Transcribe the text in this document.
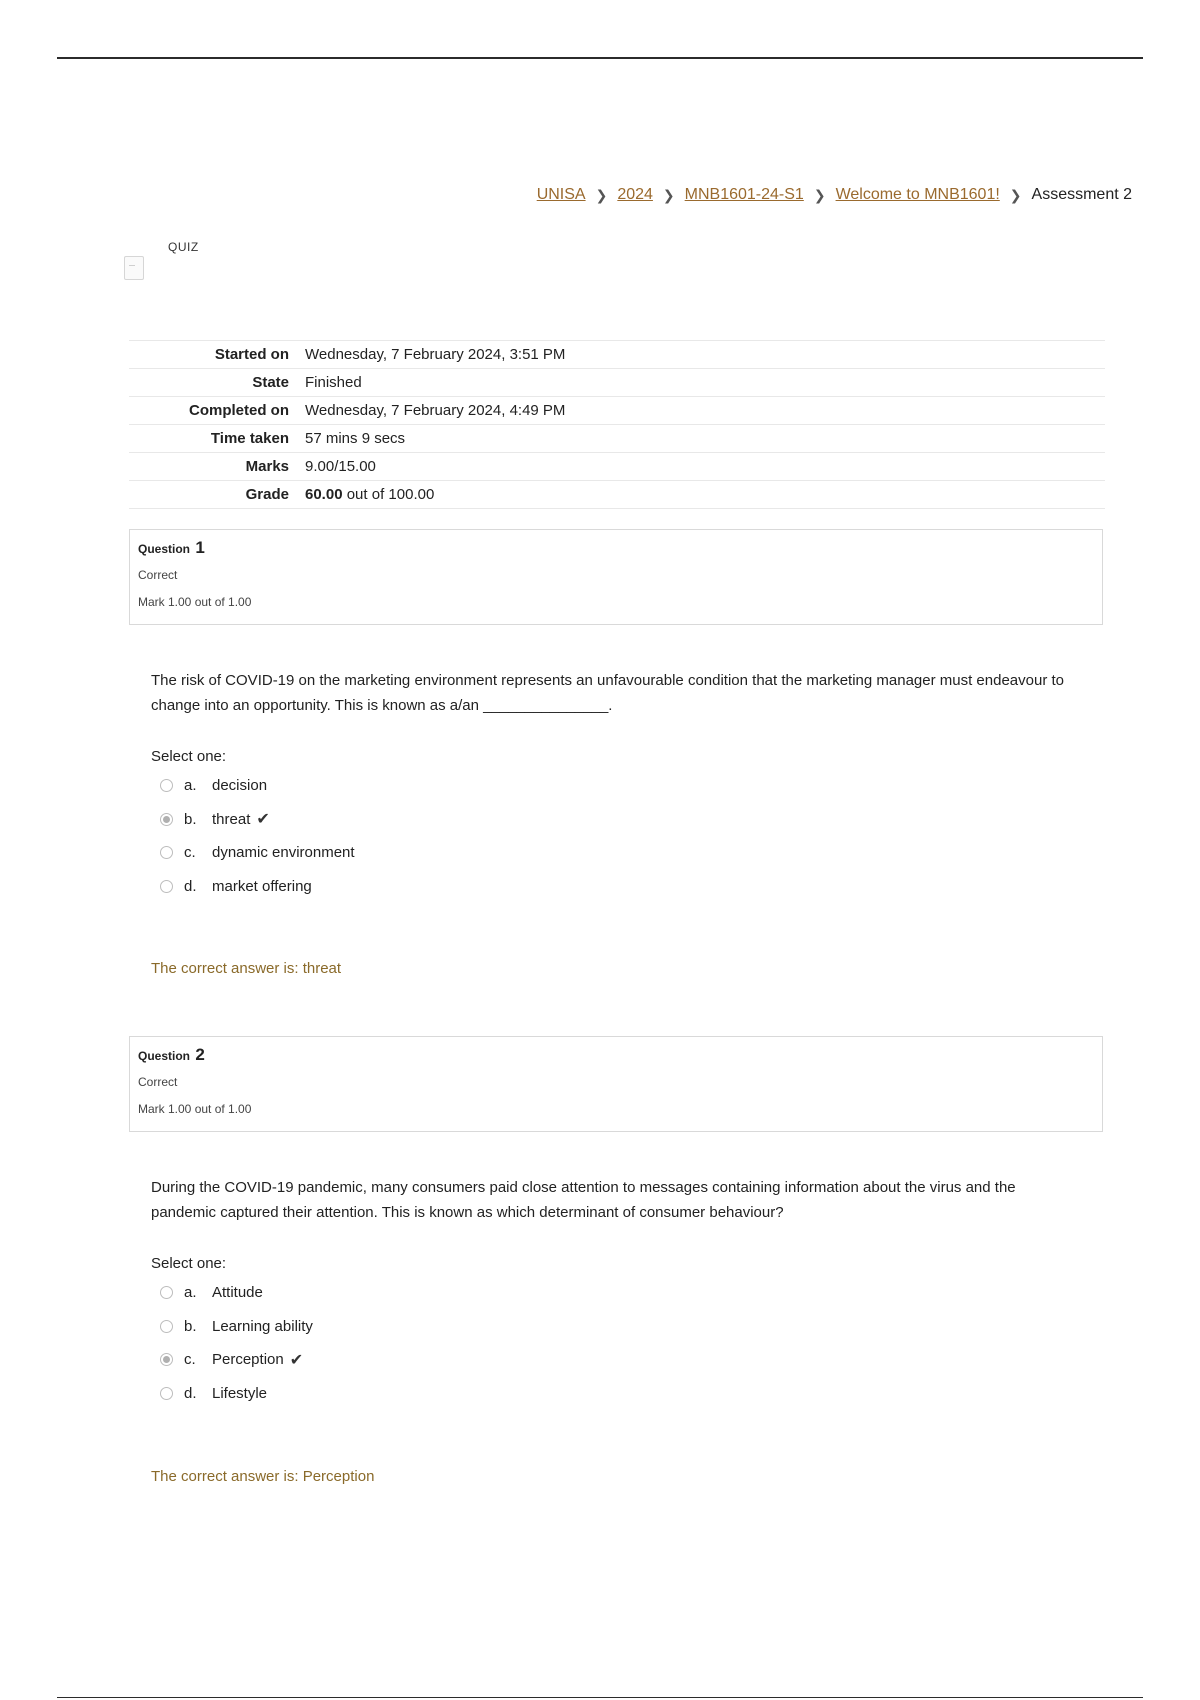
UNISA ❯ 2024 ❯ MNB1601-24-S1 ❯ Welcome to MNB1601! ❯ Assessment 2
QUIZ
Started on	Wednesday, 7 February 2024, 3:51 PM
State	Finished
Completed on	Wednesday, 7 February 2024, 4:49 PM
Time taken	57 mins 9 secs
Marks	9.00/15.00
Grade	60.00 out of 100.00
Question 1
Correct
Mark 1.00 out of 1.00
The risk of COVID-19 on the marketing environment represents an unfavourable condition that the marketing manager must endeavour to change into an opportunity. This is known as a/an _______________.
Select one:
a.	decision
b.	threat ✔
c.	dynamic environment
d.	market offering
The correct answer is: threat
Question 2
Correct
Mark 1.00 out of 1.00
During the COVID-19 pandemic, many consumers paid close attention to messages containing information about the virus and the pandemic captured their attention. This is known as which determinant of consumer behaviour?
Select one:
a.	Attitude
b.	Learning ability
c.	Perception ✔
d.	Lifestyle
The correct answer is: Perception
